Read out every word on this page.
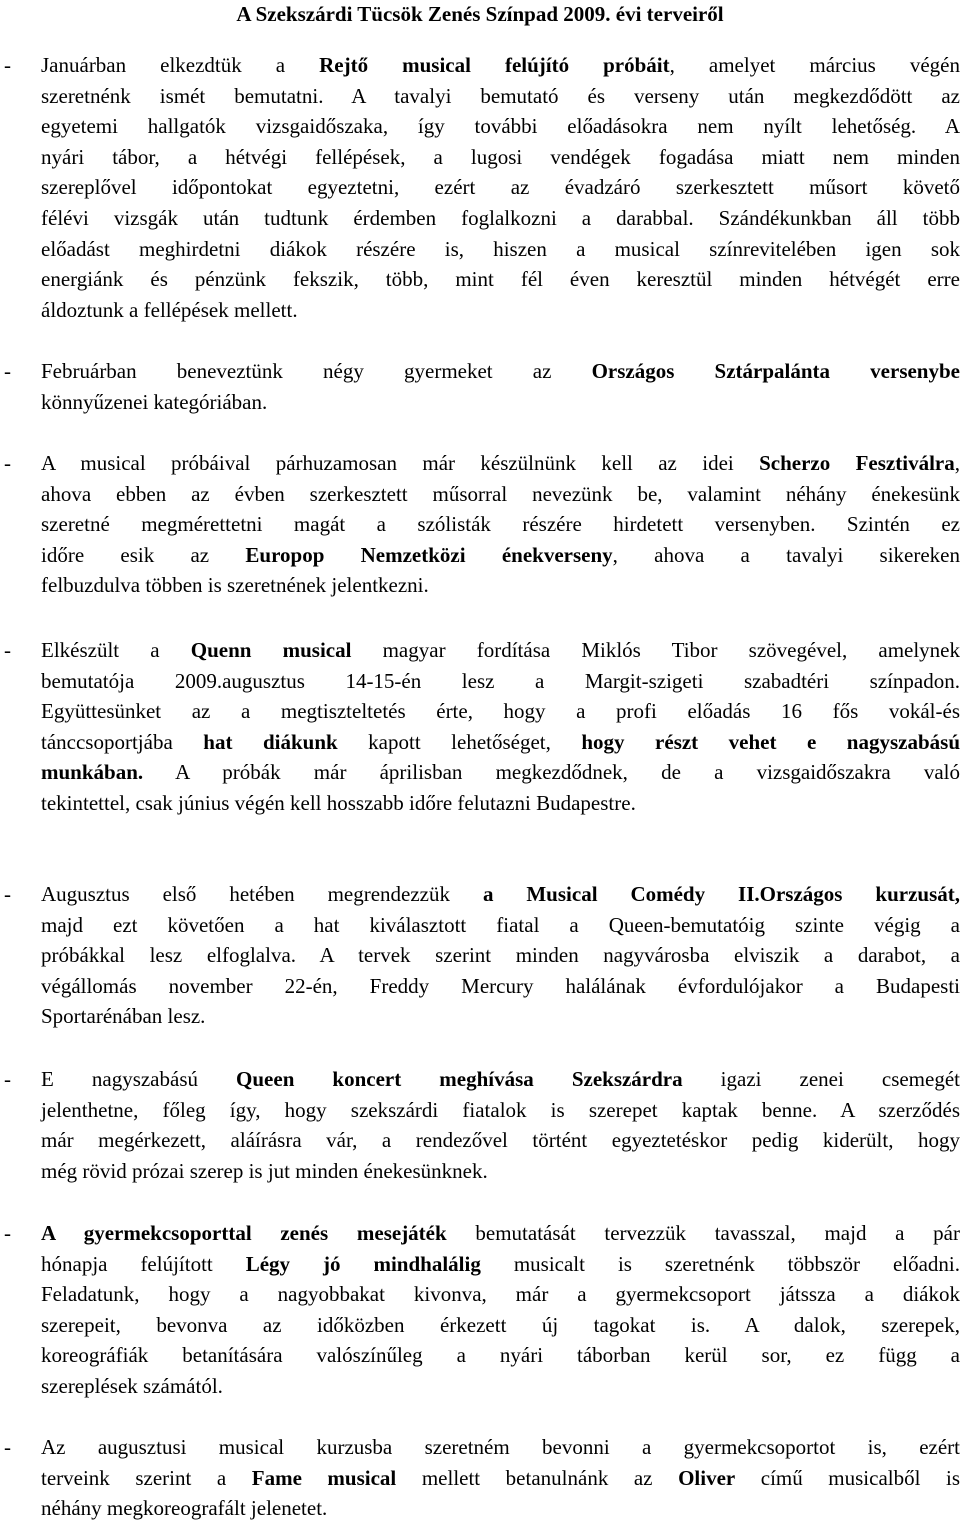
A Szekszárdi Tücsök Zenés Színpad 2009. évi terveiről
- Januárban elkezdtük a Rejtő musical felújító próbáit, amelyet március végén
szeretnénk ismét bemutatni. A tavalyi bemutató és verseny után megkezdődött az
egyetemi hallgatók vizsgaidőszaka, így további előadásokra nem nyílt lehetőség. A
nyári tábor, a hétvégi fellépések, a lugosi vendégek fogadása miatt nem minden
szereplővel időpontokat egyeztetni, ezért az évadzáró szerkesztett műsort követő
félévi vizsgák után tudtunk érdemben foglalkozni a darabbal. Szándékunkban áll több
előadást meghirdetni diákok részére is, hiszen a musical színrevitelében igen sok
energiánk és pénzünk fekszik, több, mint fél éven keresztül minden hétvégét erre
áldoztunk a fellépések mellett.
- Februárban beneveztünk négy gyermeket az Országos Sztárpalánta versenybe
könnyűzenei kategóriában.
- A musical próbáival párhuzamosan már készülnünk kell az idei Scherzo Fesztiválra,
ahova ebben az évben szerkesztett műsorral nevezünk be, valamint néhány énekesünk
szeretné megmérettetni magát a szólisták részére hirdetett versenyben. Szintén ez
időre esik az Europop Nemzetközi énekverseny, ahova a tavalyi sikereken
felbuzdulva többen is szeretnének jelentkezni.
- Elkészült a Quenn musical magyar fordítása Miklós Tibor szövegével, amelynek
bemutatója 2009.augusztus 14-15-én lesz a Margit-szigeti szabadtéri színpadon.
Együttesünket az a megtiszteltetés érte, hogy a profi előadás 16 fős vokál-és
tánccsoportjába hat diákunk kapott lehetőséget, hogy részt vehet e nagyszabású
munkában. A próbák már áprilisban megkezdődnek, de a vizsgaidőszakra való
tekintettel, csak június végén kell hosszabb időre felutazni Budapestre.
- Augusztus első hetében megrendezzük a Musical Comédy II.Országos kurzusát,
majd ezt követően a hat kiválasztott fiatal a Queen-bemutatóig szinte végig a
próbákkal lesz elfoglalva. A tervek szerint minden nagyvárosba elviszik a darabot, a
végállomás november 22-én, Freddy Mercury halálának évfordulójakor a Budapesti
Sportarénában lesz.
- E nagyszabású Queen koncert meghívása Szekszárdra igazi zenei csemegét
jelenthetne, főleg így, hogy szekszárdi fiatalok is szerepet kaptak benne. A szerződés
már megérkezett, aláírásra vár, a rendezővel történt egyeztetéskor pedig kiderült, hogy
még rövid prózai szerep is jut minden énekesünknek.
- A gyermekcsoporttal zenés mesejáték bemutatását tervezzük tavasszal, majd a pár
hónapja felújított Légy jó mindhalálig musicalt is szeretnénk többször előadni.
Feladatunk, hogy a nagyobbakat kivonva, már a gyermekcsoport játssza a diákok
szerepeit, bevonva az időközben érkezett új tagokat is. A dalok, szerepek,
koreográfiák betanítására valószínűleg a nyári táborban kerül sor, ez függ a
szereplések számától.
- Az augusztusi musical kurzusba szeretném bevonni a gyermekcsoportot is, ezért
terveink szerint a Fame musical mellett betanulnánk az Oliver című musicalből is
néhány megkoreografált jelenetet.
